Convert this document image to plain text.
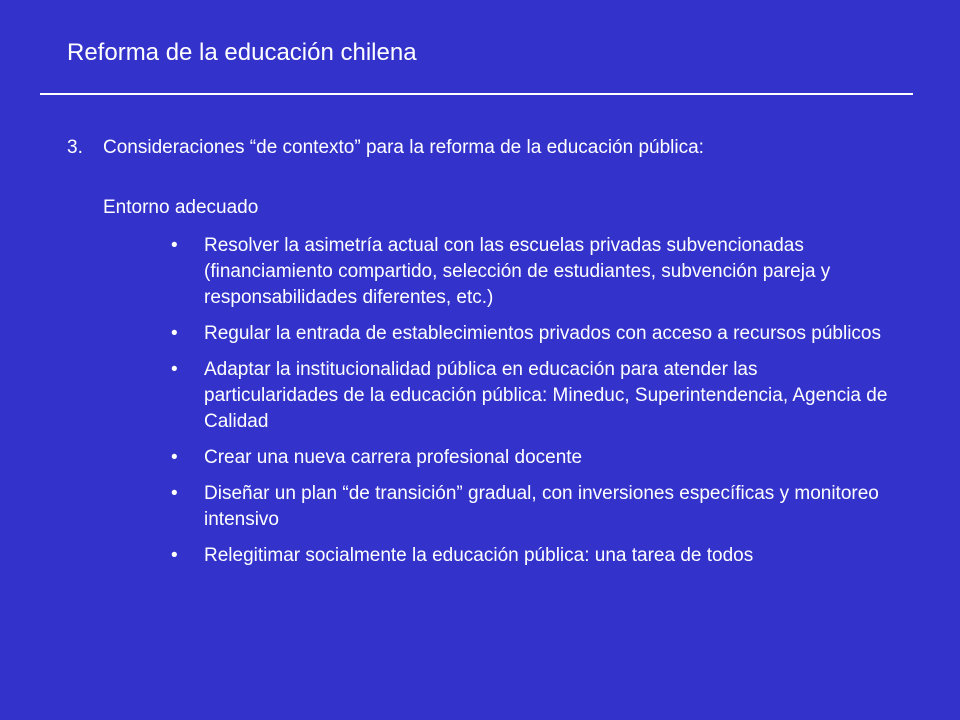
Reforma de la educación chilena
3. Consideraciones “de contexto” para la reforma de la educación pública:
Entorno adecuado
• Resolver la asimetría actual con las escuelas privadas subvencionadas (financiamiento compartido, selección de estudiantes, subvención pareja y responsabilidades diferentes, etc.)
• Regular la entrada de establecimientos privados con acceso a recursos públicos
• Adaptar la institucionalidad pública en educación para atender las particularidades de la educación pública: Mineduc, Superintendencia, Agencia de Calidad
• Crear una nueva carrera profesional docente
• Diseñar un plan “de transición” gradual, con inversiones específicas y monitoreo intensivo
• Relegitimar socialmente la educación pública: una tarea de todos
